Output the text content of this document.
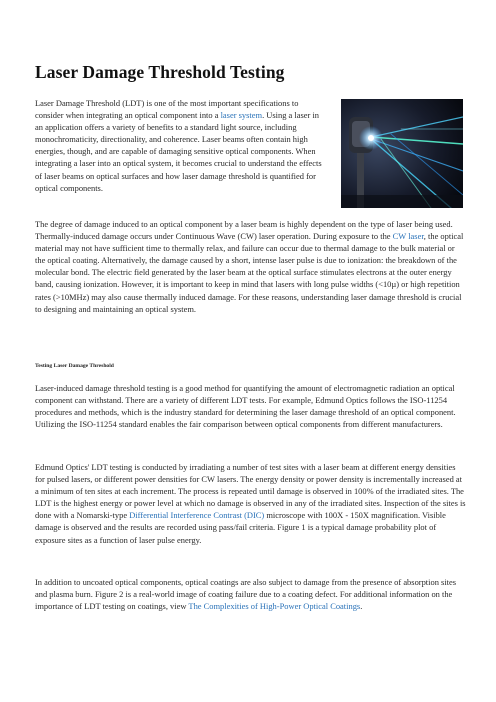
Laser Damage Threshold Testing

Laser Damage Threshold (LDT) is one of the most important specifications to consider when integrating an optical component into a laser system. Using a laser in an application offers a variety of benefits to a standard light source, including monochromaticity, directionality, and coherence. Laser beams often contain high energies, though, and are capable of damaging sensitive optical components. When integrating a laser into an optical system, it becomes crucial to understand the effects of laser beams on optical surfaces and how laser damage threshold is quantified for optical components.

The degree of damage induced to an optical component by a laser beam is highly dependent on the type of laser being used. Thermally-induced damage occurs under Continuous Wave (CW) laser operation. During exposure to the CW laser, the optical material may not have sufficient time to thermally relax, and failure can occur due to thermal damage to the bulk material or the optical coating. Alternatively, the damage caused by a short, intense laser pulse is due to ionization: the breakdown of the molecular bond. The electric field generated by the laser beam at the optical surface stimulates electrons at the outer energy band, causing ionization. However, it is important to keep in mind that lasers with long pulse widths (<10µ) or high repetition rates (>10MHz) may also cause thermally induced damage. For these reasons, understanding laser damage threshold is crucial to designing and maintaining an optical system.

Testing Laser Damage Threshold

Laser-induced damage threshold testing is a good method for quantifying the amount of electromagnetic radiation an optical component can withstand. There are a variety of different LDT tests. For example, Edmund Optics follows the ISO-11254 procedures and methods, which is the industry standard for determining the laser damage threshold of an optical component. Utilizing the ISO-11254 standard enables the fair comparison between optical components from different manufacturers.

Edmund Optics' LDT testing is conducted by irradiating a number of test sites with a laser beam at different energy densities for pulsed lasers, or different power densities for CW lasers. The energy density or power density is incrementally increased at a minimum of ten sites at each increment. The process is repeated until damage is observed in 100% of the irradiated sites. The LDT is the highest energy or power level at which no damage is observed in any of the irradiated sites. Inspection of the sites is done with a Nomarski-type Differential Interference Contrast (DIC) microscope with 100X - 150X magnification. Visible damage is observed and the results are recorded using pass/fail criteria. Figure 1 is a typical damage probability plot of exposure sites as a function of laser pulse energy.

In addition to uncoated optical components, optical coatings are also subject to damage from the presence of absorption sites and plasma burn. Figure 2 is a real-world image of coating failure due to a coating defect. For additional information on the importance of LDT testing on coatings, view The Complexities of High-Power Optical Coatings.
